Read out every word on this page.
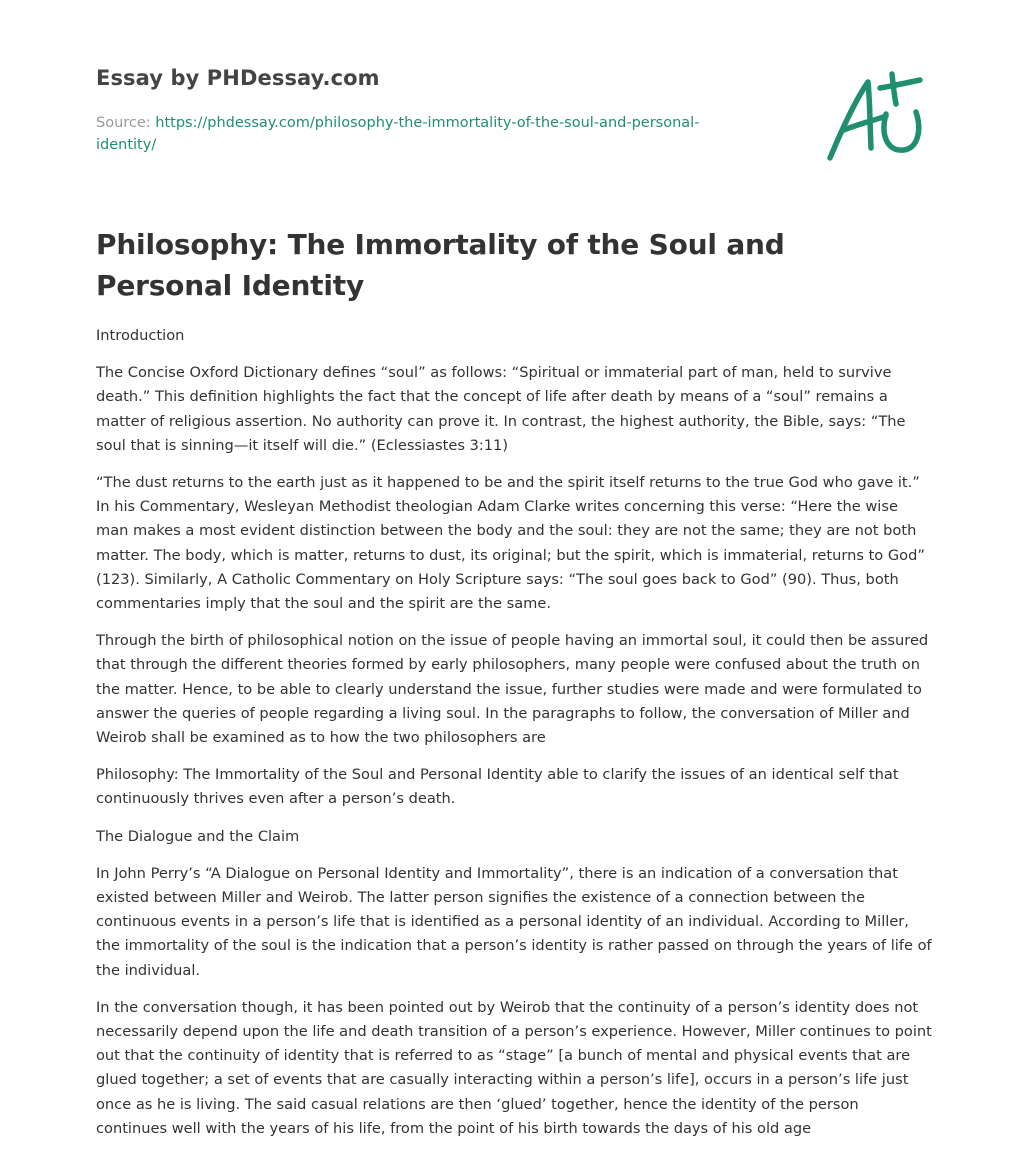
Essay by PHDessay.com
Source: https://phdessay.com/philosophy-the-immortality-of-the-soul-and-personal-identity/
Philosophy: The Immortality of the Soul and Personal Identity

Introduction

The Concise Oxford Dictionary defines “soul” as follows: “Spiritual or immaterial part of man, held to survive death.” This definition highlights the fact that the concept of life after death by means of a “soul” remains a matter of religious assertion. No authority can prove it. In contrast, the highest authority, the Bible, says: “The soul that is sinning—it itself will die.” (Eclessiastes 3:11)

“The dust returns to the earth just as it happened to be and the spirit itself returns to the true God who gave it.” In his Commentary, Wesleyan Methodist theologian Adam Clarke writes concerning this verse: “Here the wise man makes a most evident distinction between the body and the soul: they are not the same; they are not both matter. The body, which is matter, returns to dust, its original; but the spirit, which is immaterial, returns to God” (123). Similarly, A Catholic Commentary on Holy Scripture says: “The soul goes back to God” (90). Thus, both commentaries imply that the soul and the spirit are the same.

Through the birth of philosophical notion on the issue of people having an immortal soul, it could then be assured that through the different theories formed by early philosophers, many people were confused about the truth on the matter. Hence, to be able to clearly understand the issue, further studies were made and were formulated to answer the queries of people regarding a living soul. In the paragraphs to follow, the conversation of Miller and Weirob shall be examined as to how the two philosophers are

Philosophy: The Immortality of the Soul and Personal Identity able to clarify the issues of an identical self that continuously thrives even after a person’s death.

The Dialogue and the Claim

In John Perry’s “A Dialogue on Personal Identity and Immortality”, there is an indication of a conversation that existed between Miller and Weirob. The latter person signifies the existence of a connection between the continuous events in a person’s life that is identified as a personal identity of an individual. According to Miller, the immortality of the soul is the indication that a person’s identity is rather passed on through the years of life of the individual.

In the conversation though, it has been pointed out by Weirob that the continuity of a person’s identity does not necessarily depend upon the life and death transition of a person’s experience. However, Miller continues to point out that the continuity of identity that is referred to as “stage” [a bunch of mental and physical events that are glued together; a set of events that are casually interacting within a person’s life], occurs in a person’s life just once as he is living. The said casual relations are then ‘glued’ together, hence the identity of the person continues well with the years of his life, from the point of his birth towards the days of his old age
